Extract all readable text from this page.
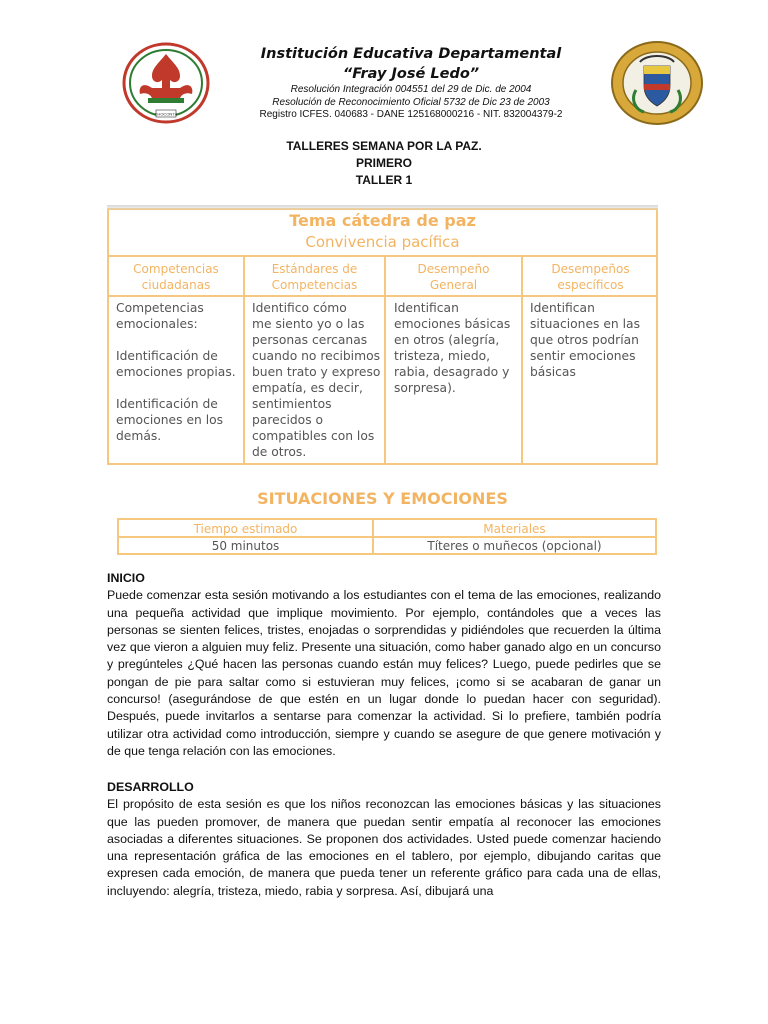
CHOCONTÁ

Institución Educativa Departamental

“Fray José Ledo”

Resolución Integración 004551 del 29 de Dic. de 2004

Resolución de Reconocimiento Oficial 5732 de Dic 23 de 2003

Registro ICFES. 040683 - DANE 125168000216 - NIT. 832004379-2

TALLERES SEMANA POR LA PAZ.
PRIMERO
TALLER 1
Tema cátedra de paz
Convivencia pacífica
Competencias
ciudadanas
Estándares de
Competencias
Desempeño
General
Desempeños
específicos

Competencias

emocionales:

Identificación de

emociones propias.

Identificación de

emociones en los

demás.

Identifico cómo

me siento yo o las

personas cercanas

cuando no recibimos

buen trato y expreso

empatía, es decir,

sentimientos

parecidos o

compatibles con los

de otros.

Identifican

emociones básicas

en otros (alegría,

tristeza, miedo,

rabia, desagrado y

sorpresa).

Identifican

situaciones en las

que otros podrían

sentir emociones

básicas

SITUACIONES Y EMOCIONES
Tiempo estimado	Materiales
50 minutos	Títeres o muñecos (opcional)

INICIO

Puede comenzar esta sesión motivando a los estudiantes con el tema de las emociones, realizando una pequeña actividad que implique movimiento. Por ejemplo, contándoles que a veces las personas se sienten felices, tristes, enojadas o sorprendidas y pidiéndoles que recuerden la última vez que vieron a alguien muy feliz. Presente una situación, como haber ganado algo en un concurso y pregúnteles ¿Qué hacen las personas cuando están muy felices? Luego, puede pedirles que se pongan de pie para saltar como si estuvieran muy felices, ¡como si se acabaran de ganar un concurso! (asegurándose de que estén en un lugar donde lo puedan hacer con seguridad). Después, puede invitarlos a sentarse para comenzar la actividad. Si lo prefiere, también podría utilizar otra actividad como introducción, siempre y cuando se asegure de que genere motivación y de que tenga relación con las emociones.

DESARROLLO

El propósito de esta sesión es que los niños reconozcan las emociones básicas y las situaciones que las pueden promover, de manera que puedan sentir empatía al reconocer las emociones asociadas a diferentes situaciones. Se proponen dos actividades. Usted puede comenzar haciendo una representación gráfica de las emociones en el tablero, por ejemplo, dibujando caritas que expresen cada emoción, de manera que pueda tener un referente gráfico para cada una de ellas, incluyendo: alegría, tristeza, miedo, rabia y sorpresa. Así, dibujará una
